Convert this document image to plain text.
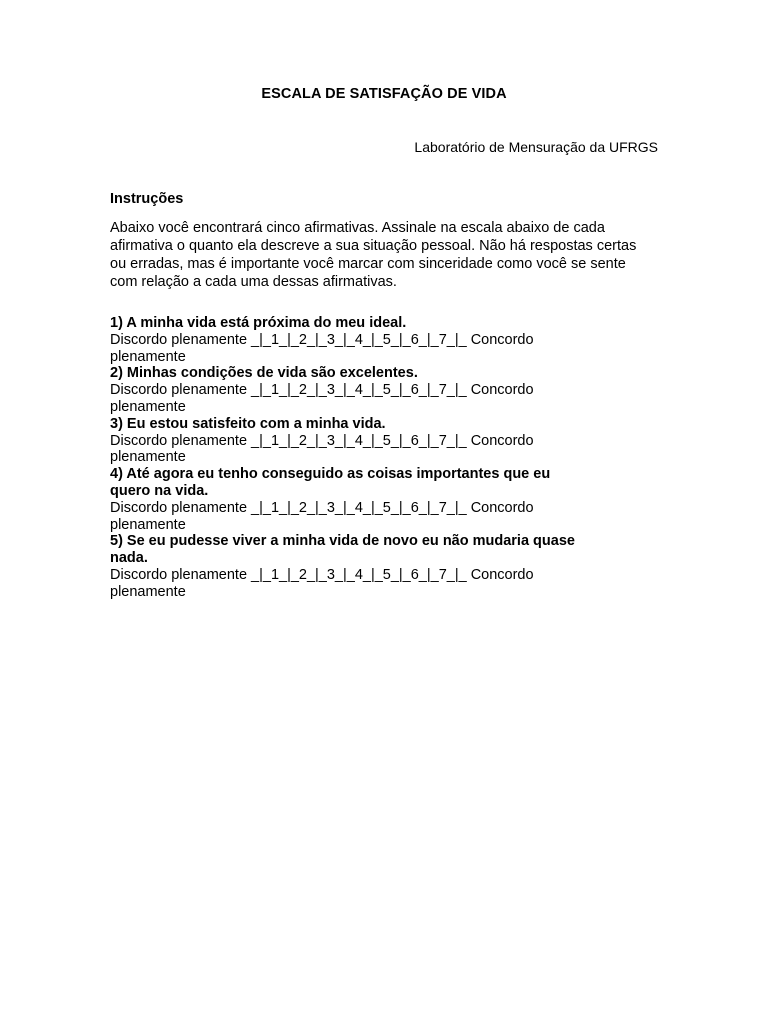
ESCALA DE SATISFAÇÃO DE VIDA
Laboratório de Mensuração da UFRGS
Instruções

Abaixo você encontrará cinco afirmativas. Assinale na escala abaixo de cada afirmativa o quanto ela descreve a sua situação pessoal. Não há respostas certas ou erradas, mas é importante você marcar com sinceridade como você se sente com relação a cada uma dessas afirmativas.

1) A minha vida está próxima do meu ideal.
Discordo plenamente _|_1_|_2_|_3_|_4_|_5_|_6_|_7_|_ Concordo plenamente
2) Minhas condições de vida são excelentes.
Discordo plenamente _|_1_|_2_|_3_|_4_|_5_|_6_|_7_|_ Concordo plenamente
3) Eu estou satisfeito com a minha vida.
Discordo plenamente _|_1_|_2_|_3_|_4_|_5_|_6_|_7_|_ Concordo plenamente
4) Até agora eu tenho conseguido as coisas importantes que eu quero na vida.
Discordo plenamente _|_1_|_2_|_3_|_4_|_5_|_6_|_7_|_ Concordo plenamente
5) Se eu pudesse viver a minha vida de novo eu não mudaria quase nada.
Discordo plenamente _|_1_|_2_|_3_|_4_|_5_|_6_|_7_|_ Concordo plenamente
